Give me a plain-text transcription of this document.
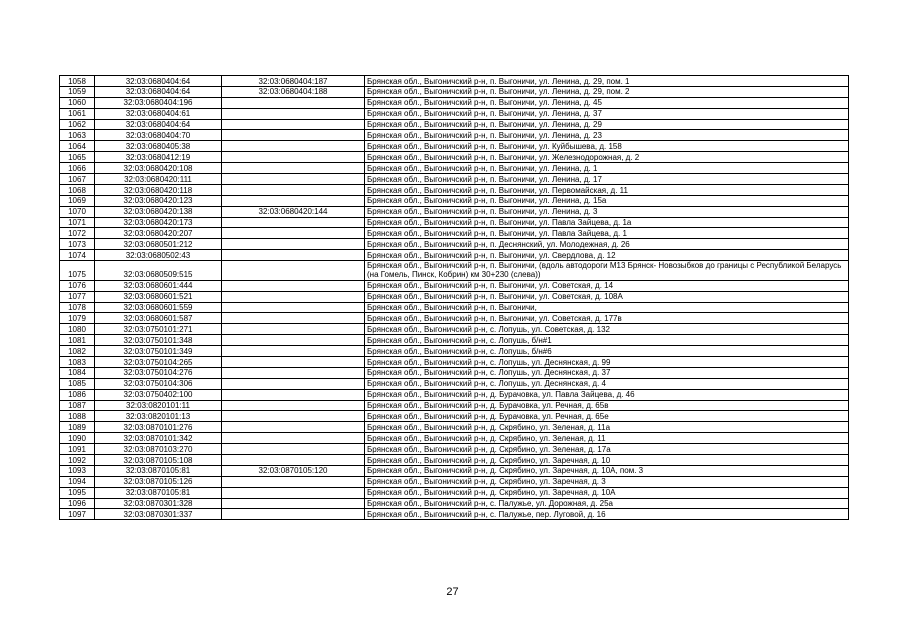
1058	32:03:0680404:64	32:03:0680404:187	Брянская обл., Выгоничский р-н, п. Выгоничи, ул. Ленина, д. 29, пом. 1
1059	32:03:0680404:64	32:03:0680404:188	Брянская обл., Выгоничский р-н, п. Выгоничи, ул. Ленина, д. 29, пом. 2
1060	32:03:0680404:196		Брянская обл., Выгоничский р-н, п. Выгоничи, ул. Ленина, д. 45
1061	32:03:0680404:61		Брянская обл., Выгоничский р-н, п. Выгоничи, ул. Ленина, д. 37
1062	32:03:0680404:64		Брянская обл., Выгоничский р-н, п. Выгоничи, ул. Ленина, д. 29
1063	32:03:0680404:70		Брянская обл., Выгоничский р-н, п. Выгоничи, ул. Ленина, д. 23
1064	32:03:0680405:38		Брянская обл., Выгоничский р-н, п. Выгоничи, ул. Куйбышева, д. 158
1065	32:03:0680412:19		Брянская обл., Выгоничский р-н, п. Выгоничи, ул. Железнодорожная, д. 2
1066	32:03:0680420:108		Брянская обл., Выгоничский р-н, п. Выгоничи, ул. Ленина, д. 1
1067	32:03:0680420:111		Брянская обл., Выгоничский р-н, п. Выгоничи, ул. Ленина, д. 17
1068	32:03:0680420:118		Брянская обл., Выгоничский р-н, п. Выгоничи, ул. Первомайская, д. 11
1069	32:03:0680420:123		Брянская обл., Выгоничский р-н, п. Выгоничи, ул. Ленина, д. 15а
1070	32:03:0680420:138	32:03:0680420:144	Брянская обл., Выгоничский р-н, п. Выгоничи, ул. Ленина, д. 3
1071	32:03:0680420:173		Брянская обл., Выгоничский р-н, п. Выгоничи, ул. Павла Зайцева, д. 1а
1072	32:03:0680420:207		Брянская обл., Выгоничский р-н, п. Выгоничи, ул. Павла Зайцева, д. 1
1073	32:03:0680501:212		Брянская обл., Выгоничский р-н, п. Деснянский, ул. Молодежная, д. 26
1074	32:03:0680502:43		Брянская обл., Выгоничский р-н, п. Выгоничи, ул. Свердлова, д. 12
1075	32:03:0680509:515		Брянская обл., Выгоничский р-н, п. Выгоничи, (вдоль автодороги М13 Брянск- Новозыбков до границы с Республикой Беларусь (на Гомель, Пинск, Кобрин) км 30+230 (слева))
1076	32:03:0680601:444		Брянская обл., Выгоничский р-н, п. Выгоничи, ул. Советская, д. 14
1077	32:03:0680601:521		Брянская обл., Выгоничский р-н, п. Выгоничи, ул. Советская, д. 108А
1078	32:03:0680601:559		Брянская обл., Выгоничский р-н, п. Выгоничи,
1079	32:03:0680601:587		Брянская обл., Выгоничский р-н, п. Выгоничи, ул. Советская, д. 177в
1080	32:03:0750101:271		Брянская обл., Выгоничский р-н, с. Лопушь, ул. Советская, д. 132
1081	32:03:0750101:348		Брянская обл., Выгоничский р-н, с. Лопушь, б/н#1
1082	32:03:0750101:349		Брянская обл., Выгоничский р-н, с. Лопушь, б/н#6
1083	32:03:0750104:265		Брянская обл., Выгоничский р-н, с. Лопушь, ул. Деснянская, д. 99
1084	32:03:0750104:276		Брянская обл., Выгоничский р-н, с. Лопушь, ул. Деснянская, д. 37
1085	32:03:0750104:306		Брянская обл., Выгоничский р-н, с. Лопушь, ул. Деснянская, д. 4
1086	32:03:0750402:100		Брянская обл., Выгоничский р-н, д. Бурачовка, ул. Павла Зайцева, д. 46
1087	32:03:0820101:11		Брянская обл., Выгоничский р-н, д. Бурачовка, ул. Речная, д. 65в
1088	32:03:0820101:13		Брянская обл., Выгоничский р-н, д. Бурачовка, ул. Речная, д. 65е
1089	32:03:0870101:276		Брянская обл., Выгоничский р-н, д. Скрябино, ул. Зеленая, д. 11а
1090	32:03:0870101:342		Брянская обл., Выгоничский р-н, д. Скрябино, ул. Зеленая, д. 11
1091	32:03:0870103:270		Брянская обл., Выгоничский р-н, д. Скрябино, ул. Зеленая, д. 17а
1092	32:03:0870105:108		Брянская обл., Выгоничский р-н, д. Скрябино, ул. Заречная, д. 10
1093	32:03:0870105:81	32:03:0870105:120	Брянская обл., Выгоничский р-н, д. Скрябино, ул. Заречная, д. 10А, пом. 3
1094	32:03:0870105:126		Брянская обл., Выгоничский р-н, д. Скрябино, ул. Заречная, д. 3
1095	32:03:0870105:81		Брянская обл., Выгоничский р-н, д. Скрябино, ул. Заречная, д. 10А
1096	32:03:0870301:328		Брянская обл., Выгоничский р-н, с. Палужье, ул. Дорожная, д. 25а
1097	32:03:0870301:337		Брянская обл., Выгоничский р-н, с. Палужье, пер. Луговой, д. 16
27
